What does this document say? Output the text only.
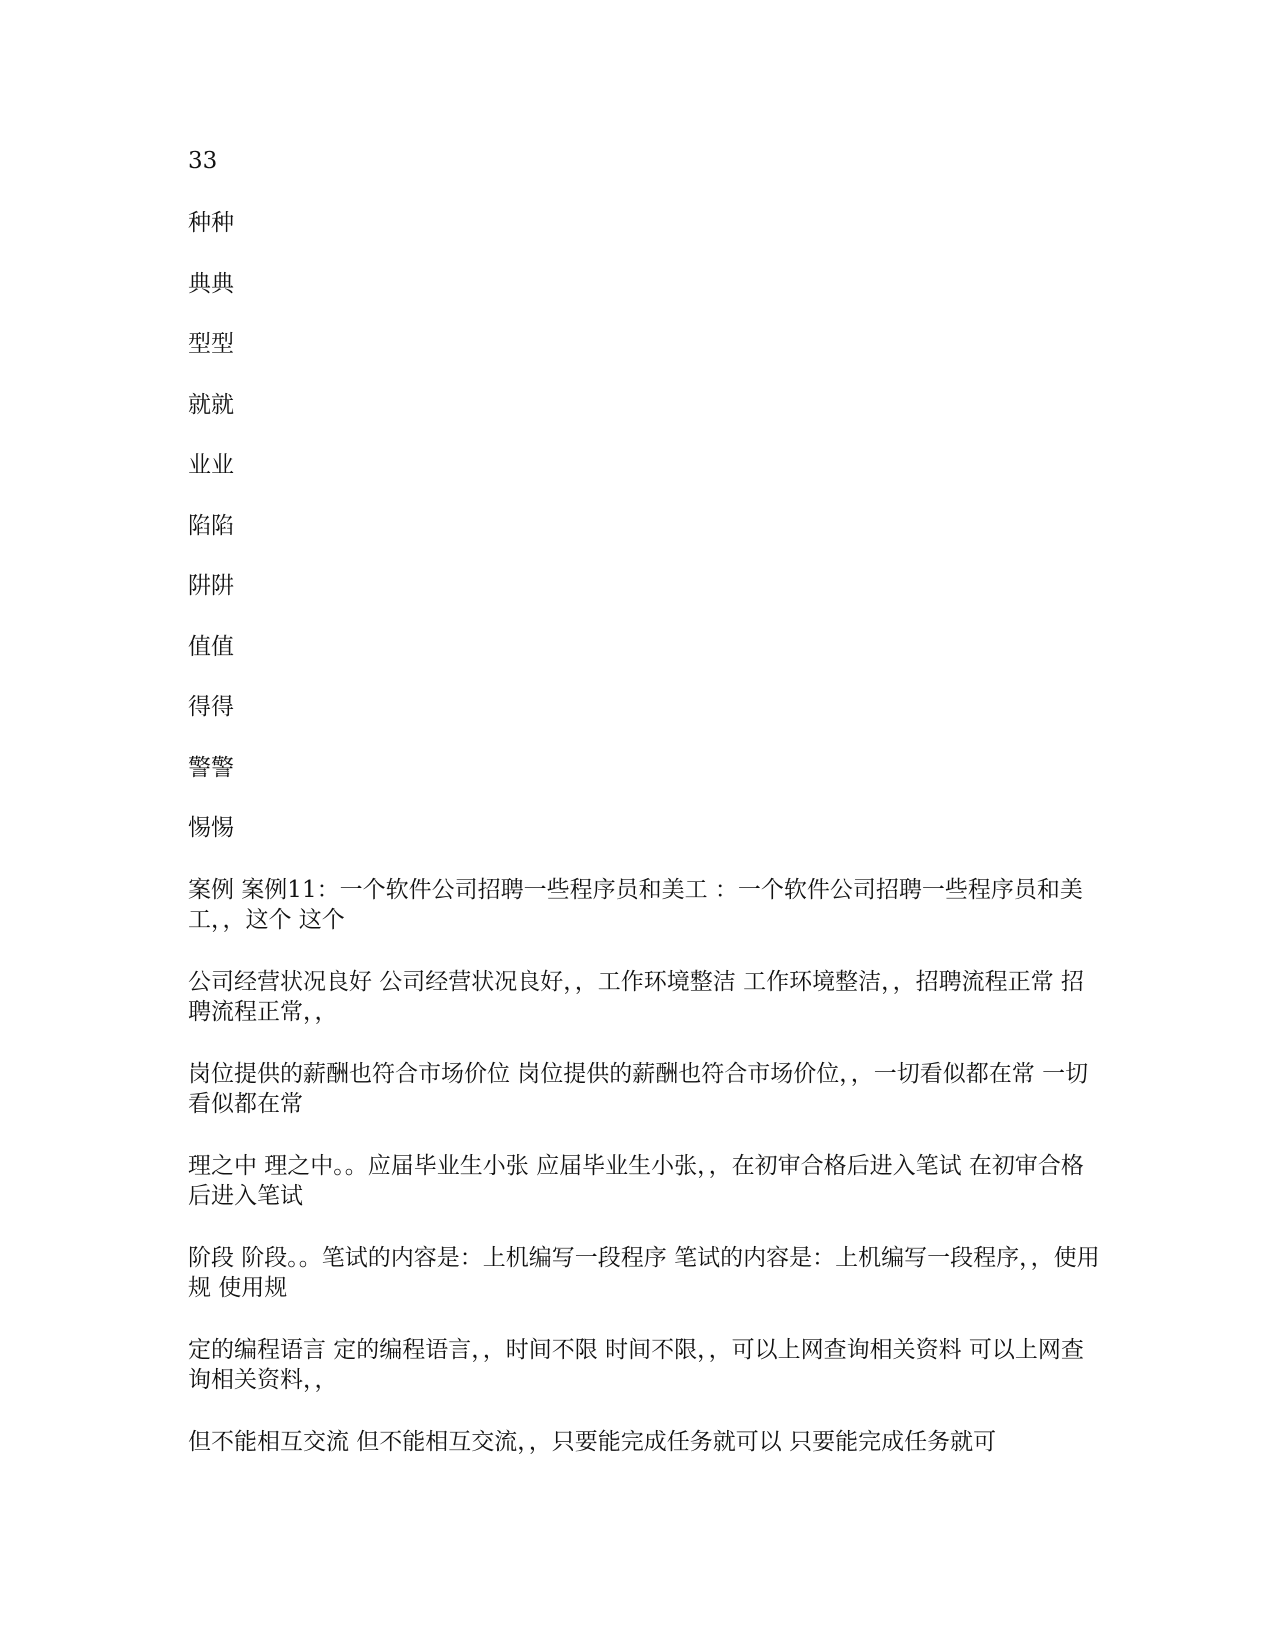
33

种种
典典
型型
就就
业业
陷陷
阱阱
值值
得得
警警
惕惕

案例 案例11：一个软件公司招聘一些程序员和美工 ：一个软件公司招聘一些程序员和美工，，这个 这个

公司经营状况良好 公司经营状况良好，，工作环境整洁 工作环境整洁，，招聘流程正常 招聘流程正常，，

岗位提供的薪酬也符合市场价位 岗位提供的薪酬也符合市场价位，，一切看似都在常 一切看似都在常

理之中 理之中。。应届毕业生小张 应届毕业生小张，，在初审合格后进入笔试 在初审合格后进入笔试

阶段 阶段。。笔试的内容是：上机编写一段程序 笔试的内容是：上机编写一段程序，，使用规 使用规

定的编程语言 定的编程语言，，时间不限 时间不限，，可以上网查询相关资料 可以上网查询相关资料，，

但不能相互交流 但不能相互交流，，只要能完成任务就可以 只要能完成任务就可
